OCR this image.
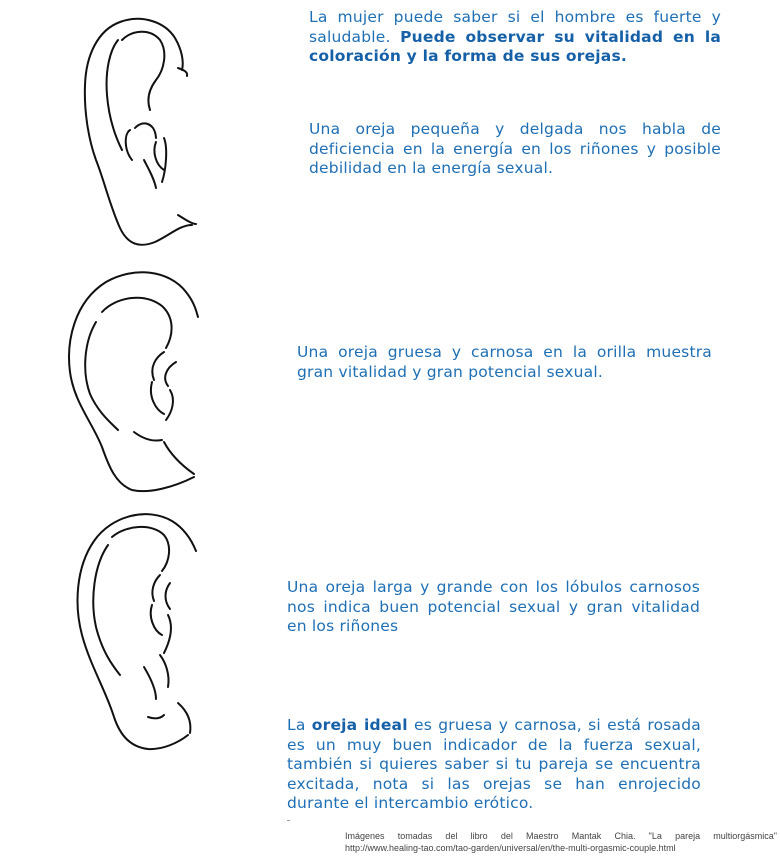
La mujer puede saber si el hombre es fuerte y saludable. Puede observar su vitalidad en la coloración y la forma de sus orejas.
Una oreja pequeña y delgada nos habla de deficiencia en la energía en los riñones y posible debilidad en la energía sexual.
Una oreja gruesa y carnosa en la orilla muestra gran vitalidad y gran potencial sexual.
Una oreja larga y grande con los lóbulos carnosos nos indica buen potencial sexual y gran vitalidad en los riñones
La oreja ideal es gruesa y carnosa, si está rosada es un muy buen indicador de la fuerza sexual, también si quieres saber si tu pareja se encuentra excitada, nota si las orejas se han enrojecido durante el intercambio erótico.
Imágenes tomadas del libro del Maestro Mantak Chia. "La pareja multiorgásmica"
http://www.healing-tao.com/tao-garden/universal/en/the-multi-orgasmic-couple.html
